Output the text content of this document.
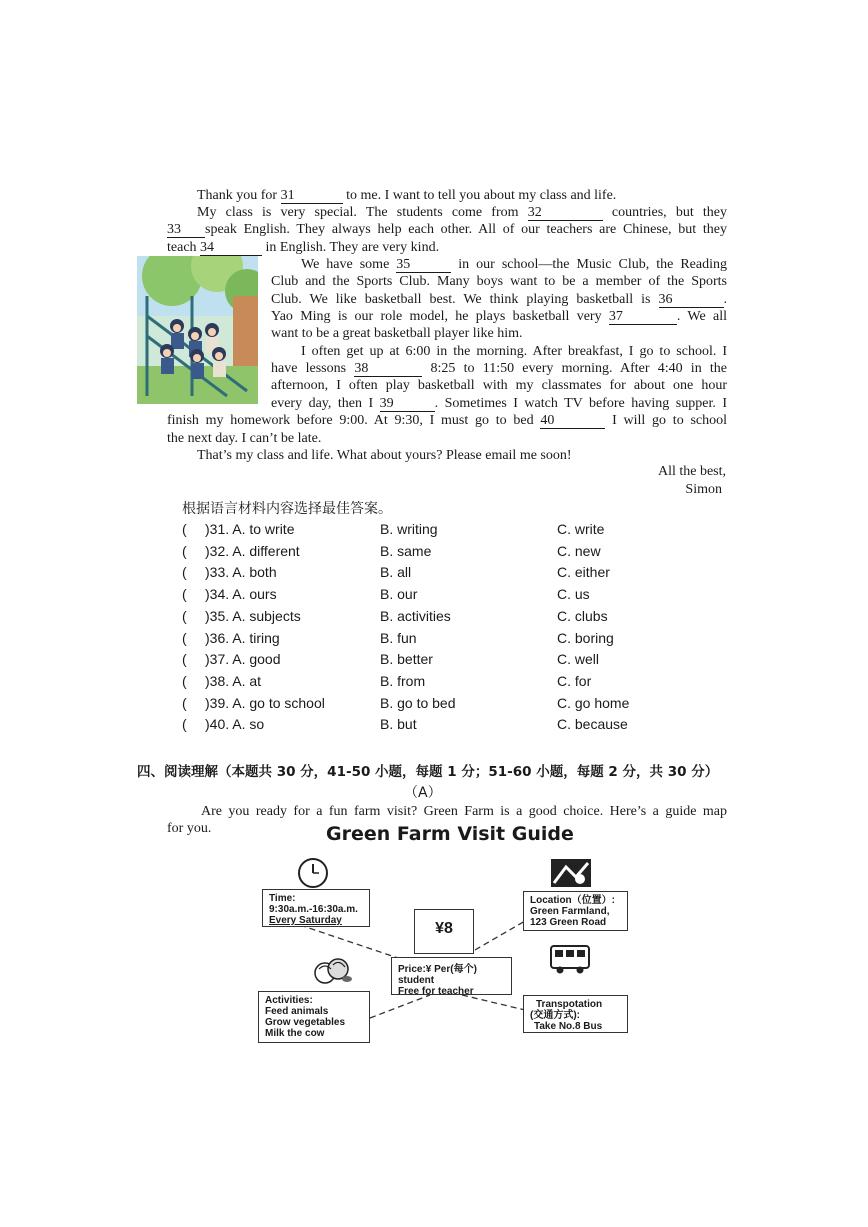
Thank you for 31	to me. I want to tell you about my class and life.
My class is very special. The students come from 32	countries, but they
33 speak English. They always help each other. All of our teachers are Chinese, but they
teach 34	in English. They are very kind.
We have some 35	in our school—the Music Club, the Reading
Club and the Sports Club. Many boys want to be a member of the Sports
Club. We like basketball best. We think playing basketball is 36	.
Yao Ming is our role model, he plays basketball very 37	. We all
want to be a great basketball player like him.
I often get up at 6:00 in the morning. After breakfast, I go to school. I
have lessons 38	8:25 to 11:50 every morning. After 4:40 in the
afternoon, I often play basketball with my classmates for about one hour
every day, then I 39	. Sometimes I watch TV before having supper. I
finish my homework before 9:00. At 9:30, I must go to bed 40	I will go to school
the next day. I can’t be late.
That’s my class and life. What about yours? Please email me soon!
All the best,
Simon
根据语言材料内容选择最佳答案。
( )31. A. to write	B. writing	C. write
( )32. A. different	B. same	C. new
( )33. A. both	B. all	C. either
( )34. A. ours	B. our	C. us
( )35. A. subjects	B. activities	C. clubs
( )36. A. tiring	B. fun	C. boring
( )37. A. good	B. better	C. well
( )38. A. at	B. from	C. for
( )39. A. go to school	B. go to bed	C. go home
( )40. A. so	B. but	C. because
四、阅读理解（本题共 30 分，41-50 小题，每题 1 分；51-60 小题，每题 2 分，共 30 分）
（A）
Are you ready for a fun farm visit? Green Farm is a good choice. Here’s a guide map
for you.	Green Farm Visit Guide
Time:
9:30a.m.-16:30a.m.
Every Saturday
Location（位置）:
Green Farmland,
123 Green Road
¥8
Price:¥ Per(每个) student
Free for teacher
Activities:
Feed animals
Grow vegetables
Milk the cow
Transpotation
(交通方式):
Take No.8 Bus
